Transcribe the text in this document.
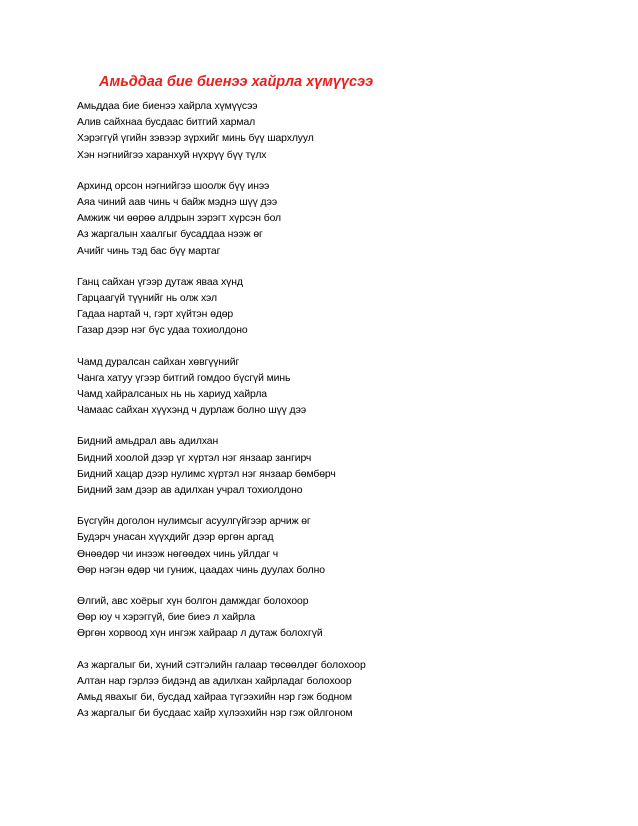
Амьддаа бие биенээ хайрла хүмүүсээ
Амьддаа бие биенээ хайрла хүмүүсээ
Алив сайхнаа бусдаас битгий хармал
Хэрэггүй үгийн зэвээр зүрхийг минь бүү шархлуул
Хэн нэгнийгээ харанхуй нүхрүү бүү түлх
Архинд орсон нэгнийгээ шоолж бүү инээ
Аяа чиний аав чинь ч байж мэднэ шүү дээ
Амжиж чи өөрөө алдрын зэрэгт хүрсэн бол
Аз жаргалын хаалгыг бусаддаа нээж өг
Ачийг чинь тэд бас бүү мартаг
Ганц сайхан үгээр дутаж яваа хүнд
Гарцаагүй түүнийг нь олж хэл
Гадаа нартай ч, гэрт хүйтэн өдөр
Газар дээр нэг бүс удаа тохиолдоно
Чамд дуралсан сайхан хөвгүүнийг
Чанга хатуу үгээр битгий гомдоо бүсгүй минь
Чамд хайралсаных нь нь хариуд хайрла
Чамаас сайхан хүүхэнд ч дурлаж болно шүү дээ
Бидний амьдрал авь адилхан
Бидний хоолой дээр үг хүртэл нэг янзаар зангирч
Бидний хацар дээр нулимс хүртэл нэг янзаар бөмбөрч
Бидний зам дээр ав адилхан учрал тохиолдоно
Бүсгүйн доголон нулимсыг асуулгүйгээр арчиж өг
Будэрч унасан хүүхдийг дээр өргөн аргад
Өнөөдөр чи инээж нөгөөдөх чинь уйлдаг ч
Өөр нэгэн өдөр чи гуниж, цаадах чинь дуулах болно
Өлгий, авс хоёрыг хүн болгон дамждаг болохоор
Өөр юу ч хэрэггүй, бие биеэ л хайрла
Өргөн хорвоод хүн ингэж хайраар л дутаж болохгүй
Аз жаргалыг би, хүний сэтгэлийн галаар төсөөлдөг болохоор
Алтан нар гэрлээ бидэнд ав адилхан хайрладаг болохоор
Амьд явахыг би, бусдад хайраа түгээхийн нэр гэж бодном
Аз жаргалыг би бусдаас хайр хүлээхийн нэр гэж ойлгоном
